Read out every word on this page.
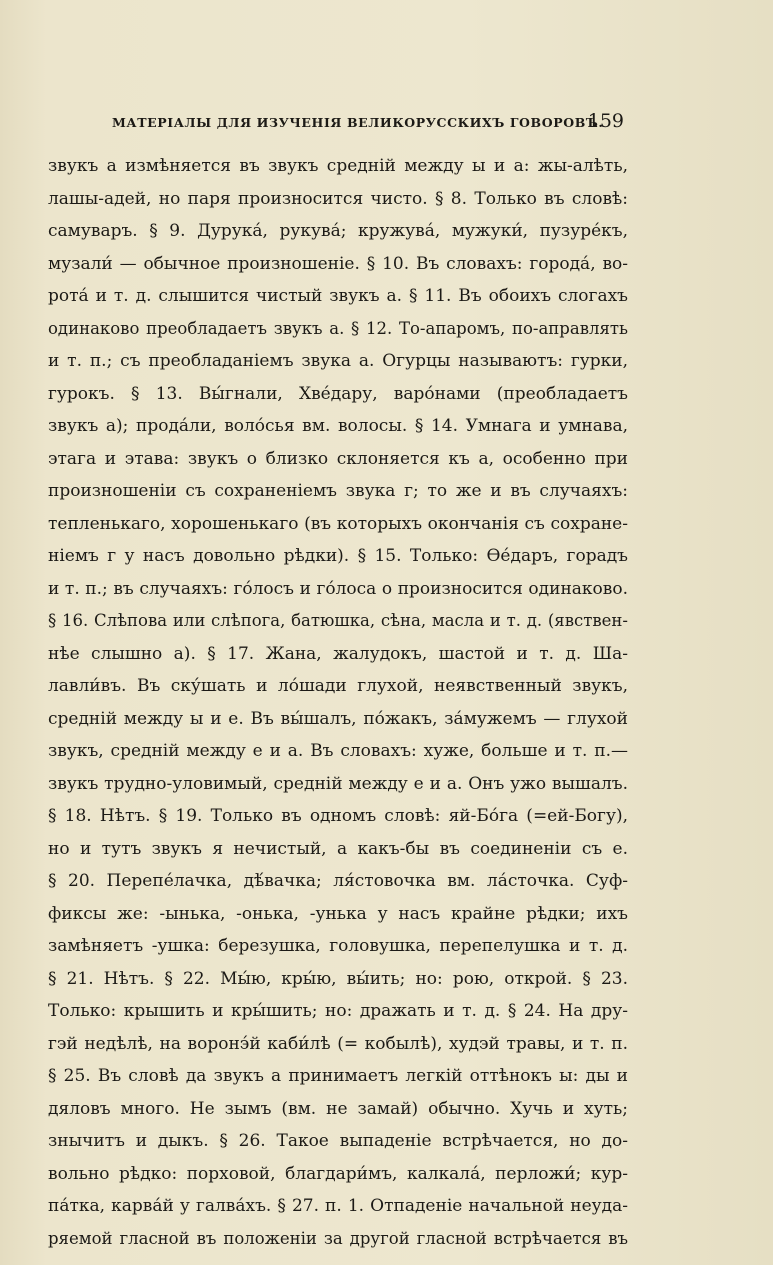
МАТЕРІАЛЫ ДЛЯ ИЗУЧЕНІЯ ВЕЛИКОРУССКИХЪ ГОВОРОВЪ.
159
звукъ а измѣняется въ звукъ средній между ы и а: жы-алѣть,
лашы-адей, но паря произносится чисто. § 8. Только въ словѣ:
самуваръ. § 9. Дурука́, рукува́; кружува́, мужуки́, пузуре́къ,
музали́ — обычное произношеніе. § 10. Въ словахъ: города́, во-
рота́ и т. д. слышится чистый звукъ а. § 11. Въ обоихъ слогахъ
одинаково преобладаетъ звукъ а. § 12. То-апаромъ, по-аправлять
и т. п.; съ преобладаніемъ звука а. Огурцы называютъ: гурки,
гурокъ. § 13. Вы́гнали, Хве́дару, варо́нами (преобладаетъ
звукъ а); прода́ли, воло́сья вм. волосы. § 14. Умнага и умнава,
этага и этава: звукъ о близко склоняется къ а, особенно при
произношеніи съ сохраненіемъ звука г; то же и въ случаяхъ:
тепленькаго, хорошенькаго (въ которыхъ окончанія съ сохране-
ніемъ г у насъ довольно рѣдки). § 15. Только: Ѳе́даръ, горадъ
и т. п.; въ случаяхъ: го́лосъ и го́лоса о произносится одинаково.
§ 16. Слѣпова или слѣпога, батюшка, сѣна, масла и т. д. (явствен-
нѣе слышно а). § 17. Жана, жалудокъ, шастой и т. д. Ша-
лавли́въ. Въ ску́шать и ло́шади глухой, неявственный звукъ,
средній между ы и е. Въ вы́шалъ, по́жакъ, за́мужемъ — глухой
звукъ, средній между е и а. Въ словахъ: хуже, больше и т. п.—
звукъ трудно-уловимый, средній между е и а. Онъ ужо вышалъ.
§ 18. Нѣтъ. § 19. Только въ одномъ словѣ: яй-Бо́га (=ей-Богу),
но и тутъ звукъ я нечистый, а какъ-бы въ соединеніи съ е.
§ 20. Перепе́лачка, дѣ́вачка; ля́стовочка вм. ла́сточка. Суф-
фиксы же: -ынька, -онька, -унька у насъ крайне рѣдки; ихъ
замѣняетъ -ушка: березушка, головушка, перепелушка и т. д.
§ 21. Нѣтъ. § 22. Мы́ю, кры́ю, вы́ить; но: рою, открой. § 23.
Только: крышить и кры́шить; но: дражать и т. д. § 24. На дру-
гэй недѣлѣ, на воронэ́й каби́лѣ (= кобылѣ), худэй травы, и т. п.
§ 25. Въ словѣ да звукъ а принимаетъ легкій оттѣнокъ ы: ды и
дяловъ много. Не зымъ (вм. не замай) обычно. Хучь и хуть;
знычитъ и дыкъ. § 26. Такое выпаденіе встрѣчается, но до-
вольно рѣдко: порховой, благдари́мъ, калкала́, перложи́; кур-
па́тка, карва́й у галва́хъ. § 27. п. 1. Отпаденіе начальной неуда-
ряемой гласной въ положеніи за другой гласной встрѣчается въ
